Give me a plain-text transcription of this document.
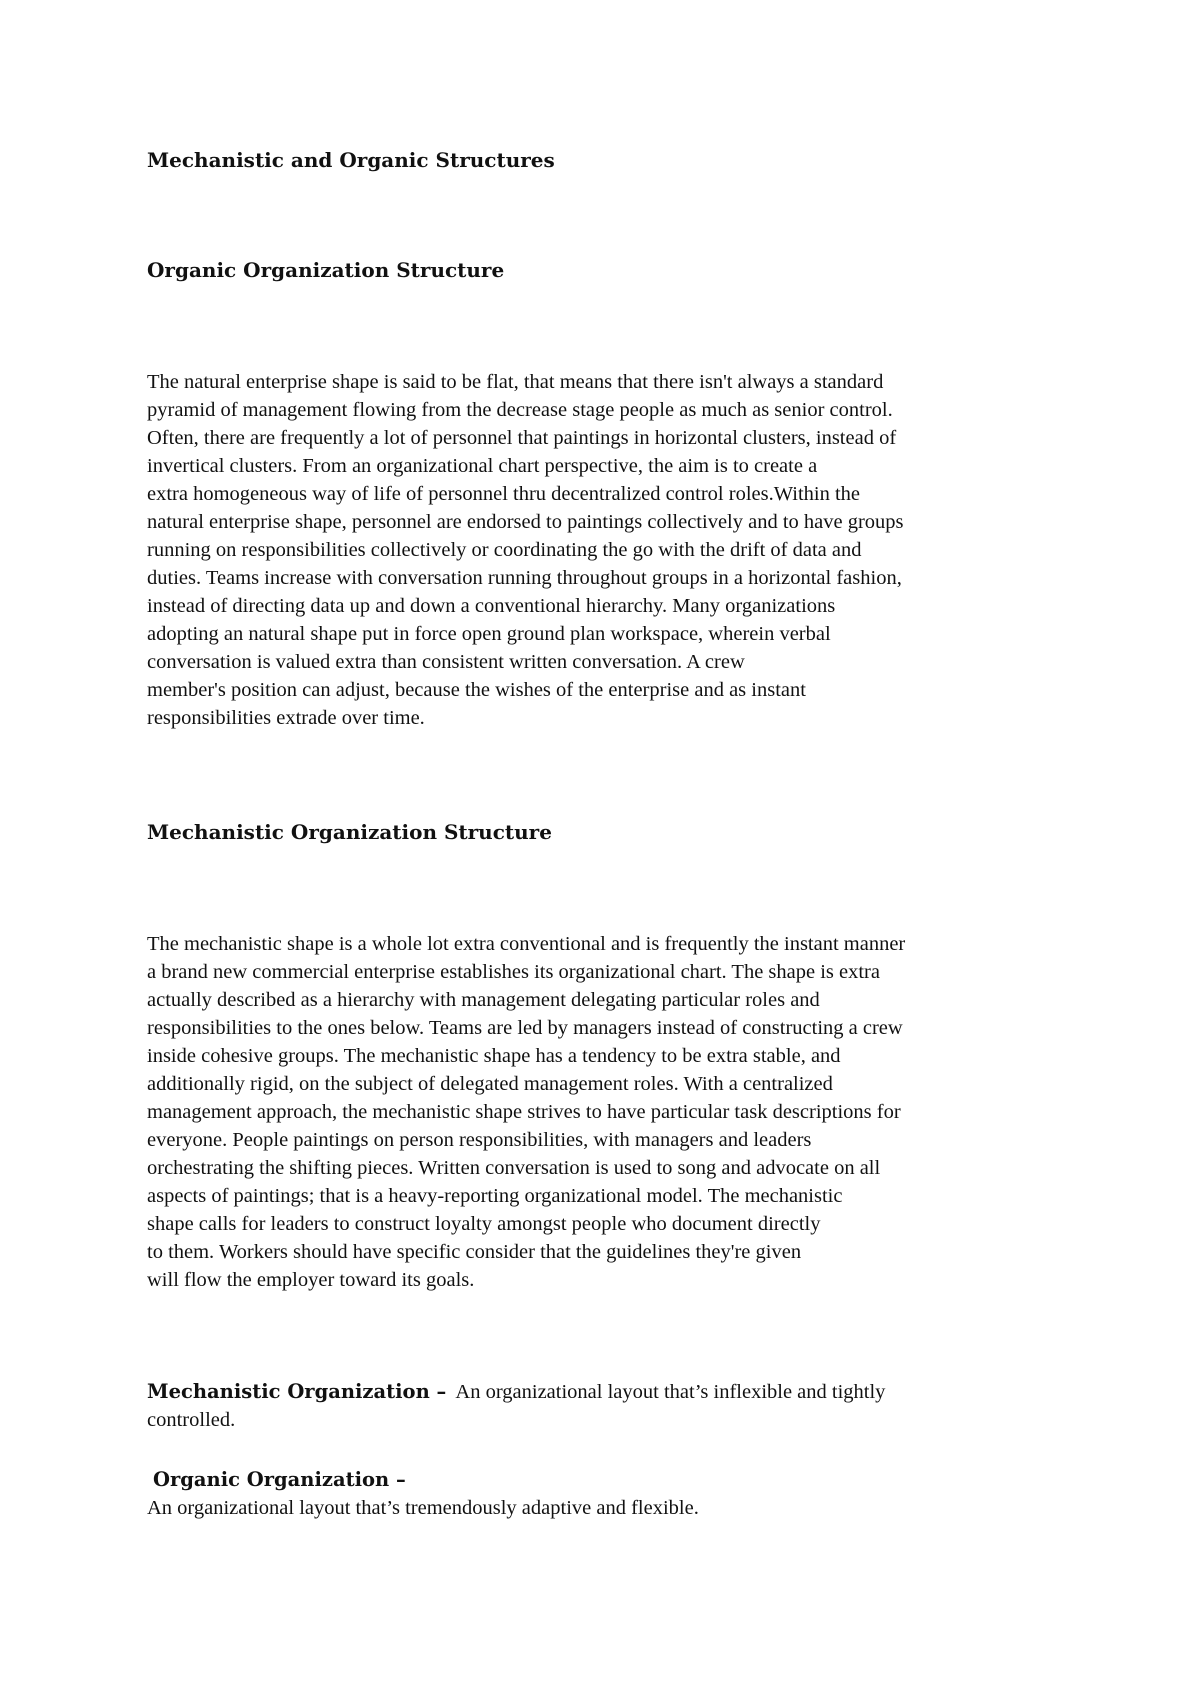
Mechanistic and Organic Structures
Organic Organization Structure
The natural enterprise shape is said to be flat, that means that there isn't always a standard
pyramid of management flowing from the decrease stage people as much as senior control.
Often, there are frequently a lot of personnel that paintings in horizontal clusters, instead of
invertical clusters. From an organizational chart perspective, the aim is to create a
extra homogeneous way of life of personnel thru decentralized control roles.Within the
natural enterprise shape, personnel are endorsed to paintings collectively and to have groups
running on responsibilities collectively or coordinating the go with the drift of data and
duties. Teams increase with conversation running throughout groups in a horizontal fashion,
instead of directing data up and down a conventional hierarchy. Many organizations
adopting an natural shape put in force open ground plan workspace, wherein verbal
conversation is valued extra than consistent written conversation. A crew
member's position can adjust, because the wishes of the enterprise and as instant
responsibilities extrade over time.
Mechanistic Organization Structure
The mechanistic shape is a whole lot extra conventional and is frequently the instant manner
a brand new commercial enterprise establishes its organizational chart. The shape is extra
actually described as a hierarchy with management delegating particular roles and
responsibilities to the ones below. Teams are led by managers instead of constructing a crew
inside cohesive groups. The mechanistic shape has a tendency to be extra stable, and
additionally rigid, on the subject of delegated management roles. With a centralized
management approach, the mechanistic shape strives to have particular task descriptions for
everyone. People paintings on person responsibilities, with managers and leaders
orchestrating the shifting pieces. Written conversation is used to song and advocate on all
aspects of paintings; that is a heavy-reporting organizational model. The mechanistic
shape calls for leaders to construct loyalty amongst people who document directly
to them. Workers should have specific consider that the guidelines they're given
will flow the employer toward its goals.
Mechanistic Organization – An organizational layout that’s inflexible and tightly
controlled.
Organic Organization –
An organizational layout that’s tremendously adaptive and flexible.
